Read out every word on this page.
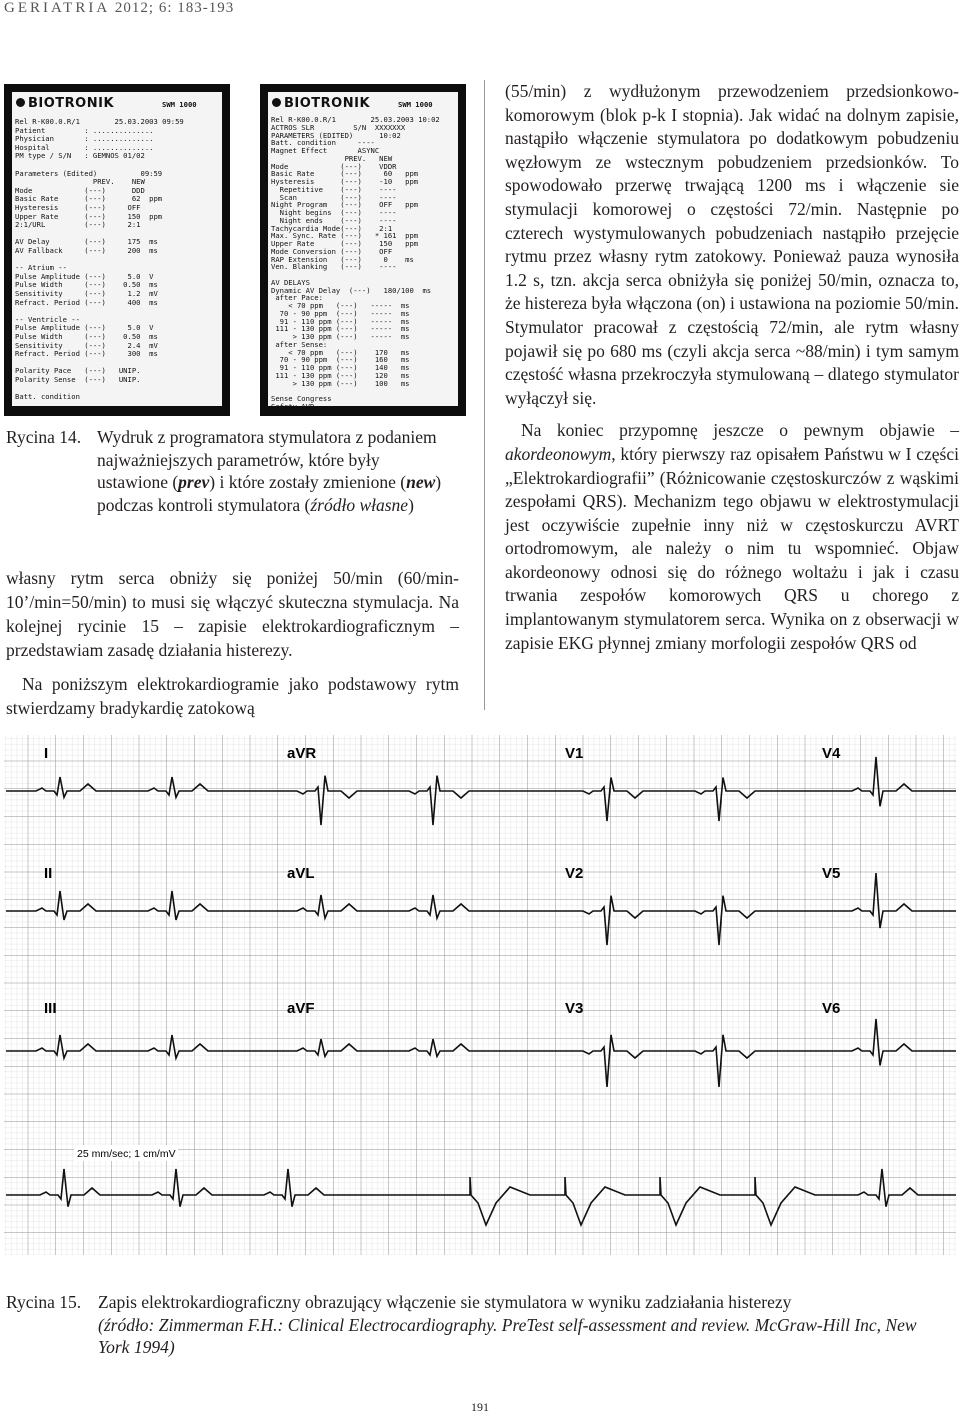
GERIATRIA 2012; 6: 183-193
BIOTRONIK	SWM 1000
Rel R-K00.0.R/1        25.03.2003 09:59
Patient         : ..............
Physician       : ..............
Hospital        : ..............
PM type / S/N   : GEMNOS 01/02
Parameters (Edited)          09:59
PREV.    NEW
Mode            (---)      DDD
Basic Rate      (---)      62  ppm
Hysteresis      (---)     OFF
Upper Rate      (---)     150  ppm
2:1/URL         (---)     2:1
AV Delay        (---)     175  ms
AV Fallback     (---)     200  ms
-- Atrium --
Pulse Amplitude (---)     5.0  V
Pulse Width     (---)    0.50  ms
Sensitivity     (---)     1.2  mV
Refract. Period (---)     400  ms
-- Ventricle --
Pulse Amplitude (---)     5.0  V
Pulse Width     (---)    0.50  ms
Sensitivity     (---)     2.4  mV
Refract. Period (---)     300  ms
Polarity Pace   (---)   UNIP.
Polarity Sense  (---)   UNIP.
Batt. condition
BIOTRONIK	SWM 1000
Rel R-K00.0.R/1        25.03.2003 10:02
ACTROS SLR         S/N  XXXXXXX
PARAMETERS (EDITED)      10:02
Batt. condition     ----
Magnet Effect       ASYNC
PREV.   NEW
Mode            (---)    VDDR
Basic Rate      (---)     60   ppm
Hysteresis      (---)    -10   ppm
Repetitive    (---)    ----
Scan          (---)    ----
Night Program   (---)    OFF   ppm
Night begins  (---)    ----
Night ends    (---)    ----
Tachycardia Mode(---)    2:1
Max. Sync. Rate (---)   * 161  ppm
Upper Rate      (---)    150   ppm
Mode Conversion (---)    OFF
RAP Extension   (---)     0    ms
Ven. Blanking   (---)    ----
AV DELAYS
Dynamic AV Delay  (---)   180/100  ms
after Pace:
< 70 ppm   (---)   -----  ms
70 - 90 ppm  (---)   -----  ms
91 - 110 ppm (---)   -----  ms
111 - 130 ppm (---)   -----  ms
> 130 ppm (---)   -----  ms
after Sense:
< 70 ppm   (---)    170   ms
70 - 90 ppm  (---)    160   ms
91 - 110 ppm (---)    140   ms
111 - 130 ppm (---)    120   ms
> 130 ppm (---)    100   ms
Sense Congress
Safety AVD
Rycina 14. Wydruk z programatora stymulatora z podaniem najważniejszych parametrów, które były ustawione (prev) i które zostały zmienione (new) podczas kontroli stymulatora (źródło własne)

własny rytm serca obniży się poniżej 50/min (60/min-10’/min=50/min) to musi się włączyć skuteczna stymulacja. Na kolejnej rycinie 15 – zapisie elektrokardiograficznym – przedstawiam zasadę działania histerezy.

Na poniższym elektrokardiogramie jako podstawowy rytm stwierdzamy bradykardię zatokową

(55/min) z wydłużonym przewodzeniem przedsionkowo-komorowym (blok p-k I stopnia). Jak widać na dolnym zapisie, nastąpiło włączenie stymulatora po dodatkowym pobudzeniu węzłowym ze wstecznym pobudzeniem przedsionków. To spowodowało przerwę trwającą 1200 ms i włączenie sie stymulacji komorowej o częstości 72/min. Następnie po czterech wystymulowanych pobudzeniach nastąpiło przejęcie rytmu przez własny rytm zatokowy. Ponieważ pauza wynosiła 1.2 s, tzn. akcja serca obniżyła się poniżej 50/min, oznacza to, że histereza była włączona (on) i ustawiona na poziomie 50/min. Stymulator pracował z częstością 72/min, ale rytm własny pojawił się po 680 ms (czyli akcja serca ~88/min) i tym samym częstość własna przekroczyła stymulowaną – dlatego stymulator wyłączył się.

Na koniec przypomnę jeszcze o pewnym objawie – akordeonowym, który pierwszy raz opisałem Państwu w I części „Elektrokardiografii” (Różnicowanie częstoskurczów z wąskimi zespołami QRS). Mechanizm tego objawu w elektrostymulacji jest oczywiście zupełnie inny niż w częstoskurczu AVRT ortodromowym, ale należy o nim tu wspomnieć. Objaw akordeonowy odnosi się do różnego woltażu i jak i czasu trwania zespołów komorowych QRS u chorego z implantowanym stymulatorem serca. Wynika on z obserwacji w zapisie EKG płynnej zmiany morfologii zespołów QRS od

I	aVR	V1	V4
II	aVL	V2	V5
III	aVF	V3	V6
25 mm/sec; 1 cm/mV
Rycina 15. Zapis elektrokardiograficzny obrazujący włączenie sie stymulatora w wyniku zadziałania histerezy
(źródło: Zimmerman F.H.: Clinical Electrocardiography. PreTest self-assessment and review. McGraw-Hill Inc, New York 1994)
191
